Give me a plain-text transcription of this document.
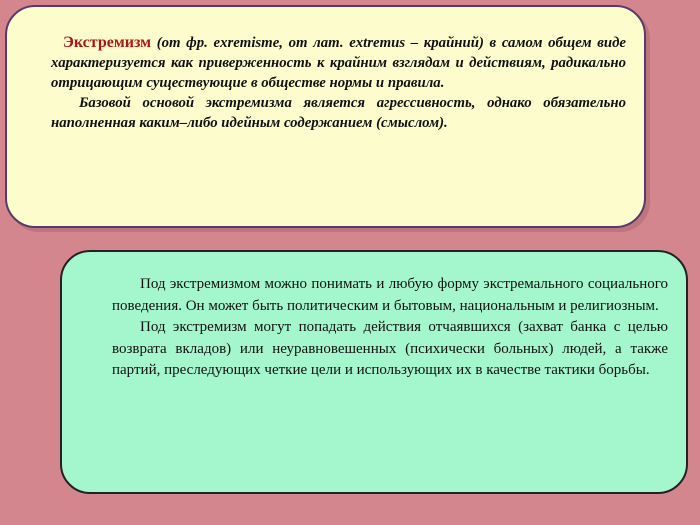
Экстремизм (от фр. exremisme, от лат. extremus – крайний) в самом общем виде характеризуется как приверженность к крайним взглядам и действиям, радикально отрицающим существующие в обществе нормы и правила.

Базовой основой экстремизма является агрессивность, однако обязательно наполненная каким–либо идейным содержанием (смыслом).

Под экстремизмом можно понимать и любую форму экстремального социального поведения. Он может быть политическим и бытовым, национальным и религиозным.

Под экстремизм могут попадать действия отчаявшихся (захват банка с целью возврата вкладов) или неуравновешенных (психически больных) людей, а также партий, преследующих четкие цели и использующих их в качестве тактики борьбы.
